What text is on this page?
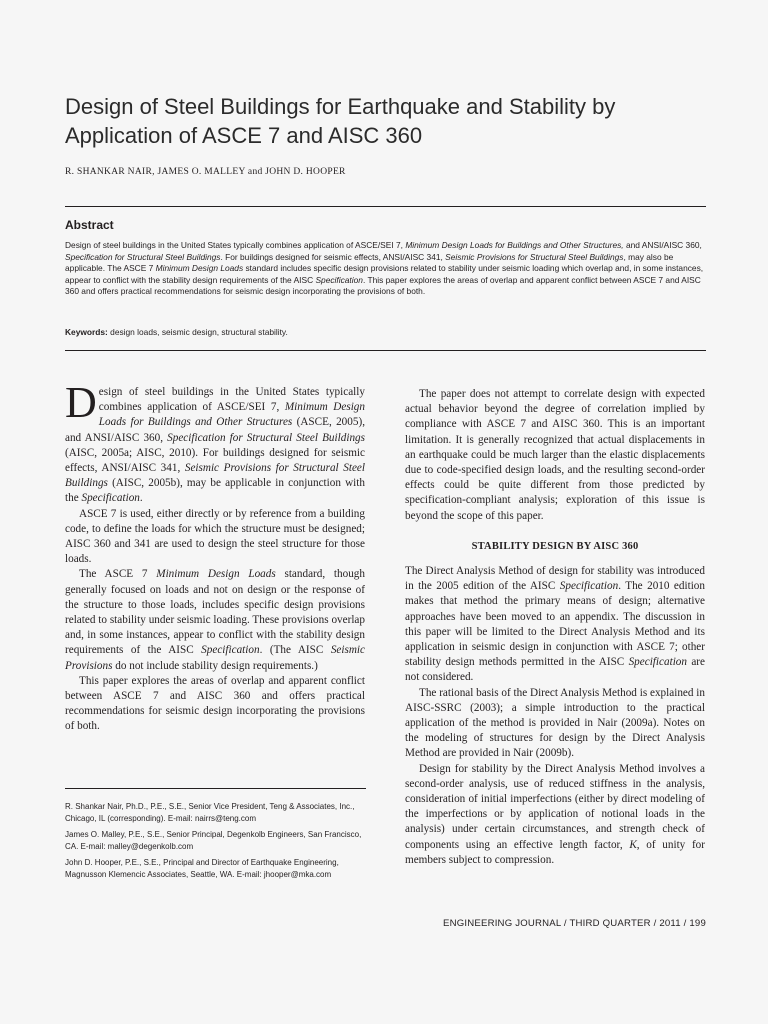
Design of Steel Buildings for Earthquake and Stability by Application of ASCE 7 and AISC 360
R. SHANKAR NAIR, JAMES O. MALLEY and JOHN D. HOOPER
Abstract
Design of steel buildings in the United States typically combines application of ASCE/SEI 7, Minimum Design Loads for Buildings and Other Structures, and ANSI/AISC 360, Specification for Structural Steel Buildings. For buildings designed for seismic effects, ANSI/AISC 341, Seismic Provisions for Structural Steel Buildings, may also be applicable. The ASCE 7 Minimum Design Loads standard includes specific design provisions related to stability under seismic loading which overlap and, in some instances, appear to conflict with the stability design requirements of the AISC Specification. This paper explores the areas of overlap and apparent conflict between ASCE 7 and AISC 360 and offers practical recommendations for seismic design incorporating the provisions of both.
Keywords: design loads, seismic design, structural stability.

Design of steel buildings in the United States typically combines application of ASCE/SEI 7, Minimum Design Loads for Buildings and Other Structures (ASCE, 2005), and ANSI/AISC 360, Specification for Structural Steel Buildings (AISC, 2005a; AISC, 2010). For buildings designed for seismic effects, ANSI/AISC 341, Seismic Provisions for Structural Steel Buildings (AISC, 2005b), may be applicable in conjunction with the Specification.

ASCE 7 is used, either directly or by reference from a building code, to define the loads for which the structure must be designed; AISC 360 and 341 are used to design the steel structure for those loads.

The ASCE 7 Minimum Design Loads standard, though generally focused on loads and not on design or the response of the structure to those loads, includes specific design provisions related to stability under seismic loading. These provisions overlap and, in some instances, appear to conflict with the stability design requirements of the AISC Specification. (The AISC Seismic Provisions do not include stability design requirements.)

This paper explores the areas of overlap and apparent conflict between ASCE 7 and AISC 360 and offers practical recommendations for seismic design incorporating the provisions of both.

The paper does not attempt to correlate design with expected actual behavior beyond the degree of correlation implied by compliance with ASCE 7 and AISC 360. This is an important limitation. It is generally recognized that actual displacements in an earthquake could be much larger than the elastic displacements due to code-specified design loads, and the resulting second-order effects could be quite different from those predicted by specification-compliant analysis; exploration of this issue is beyond the scope of this paper.

STABILITY DESIGN BY AISC 360

The Direct Analysis Method of design for stability was introduced in the 2005 edition of the AISC Specification. The 2010 edition makes that method the primary means of design; alternative approaches have been moved to an appendix. The discussion in this paper will be limited to the Direct Analysis Method and its application in seismic design in conjunction with ASCE 7; other stability design methods permitted in the AISC Specification are not considered.

The rational basis of the Direct Analysis Method is explained in AISC-SSRC (2003); a simple introduction to the practical application of the method is provided in Nair (2009a). Notes on the modeling of structures for design by the Direct Analysis Method are provided in Nair (2009b).

Design for stability by the Direct Analysis Method involves a second-order analysis, use of reduced stiffness in the analysis, consideration of initial imperfections (either by direct modeling of the imperfections or by application of notional loads in the analysis) under certain circumstances, and strength check of components using an effective length factor, K, of unity for members subject to compression.

R. Shankar Nair, Ph.D., P.E., S.E., Senior Vice President, Teng & Associates, Inc., Chicago, IL (corresponding). E-mail: nairrs@teng.com

James O. Malley, P.E., S.E., Senior Principal, Degenkolb Engineers, San Francisco, CA. E-mail: malley@degenkolb.com

John D. Hooper, P.E., S.E., Principal and Director of Earthquake Engineering, Magnusson Klemencic Associates, Seattle, WA. E-mail: jhooper@mka.com

ENGINEERING JOURNAL / THIRD QUARTER / 2011 / 199
